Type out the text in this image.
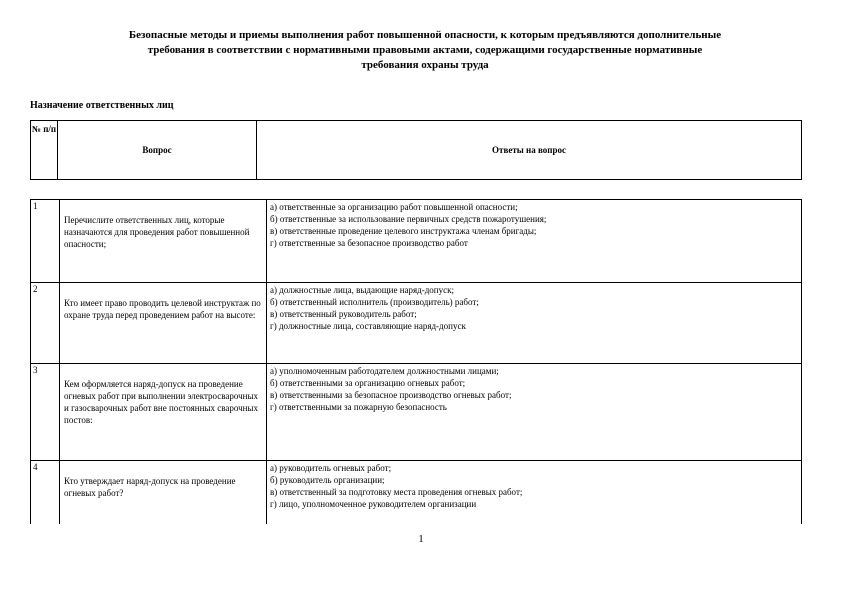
Безопасные методы и приемы выполнения работ повышенной опасности, к которым предъявляются дополнительные
требования в соответствии с нормативными правовыми актами, содержащими государственные нормативные
требования охраны труда
Назначение ответственных лиц
№ п/п	Вопрос	Ответы на вопрос
1	Перечислите ответственных лиц, которые назначаются для проведения работ повышенной опасности;	а) ответственные за организацию работ повышенной опасности;
б) ответственные за использование первичных средств пожаротушения;
в) ответственные проведение целевого инструктажа членам бригады;
г) ответственные за безопасное производство работ

2	Кто имеет право проводить целевой инструктаж по охране труда перед проведением работ на высоте:	а) должностные лица, выдающие наряд-допуск;
б) ответственный исполнитель (производитель) работ;
в) ответственный руководитель работ;
г) должностные лица, составляющие наряд-допуск

3	Кем оформляется наряд-допуск на проведение огневых работ при выполнении электросварочных и газосварочных работ вне постоянных сварочных постов:	а) уполномоченным работодателем должностными лицами;
б) ответственными за организацию огневых работ;
в) ответственными за безопасное производство огневых работ;
г) ответственными за пожарную безопасность

4	Кто утверждает наряд-допуск на проведение огневых работ?	а) руководитель огневых работ;
б) руководитель организации;
в) ответственный за подготовку места проведения огневых работ;
г) лицо, уполномоченное руководителем организации

1
